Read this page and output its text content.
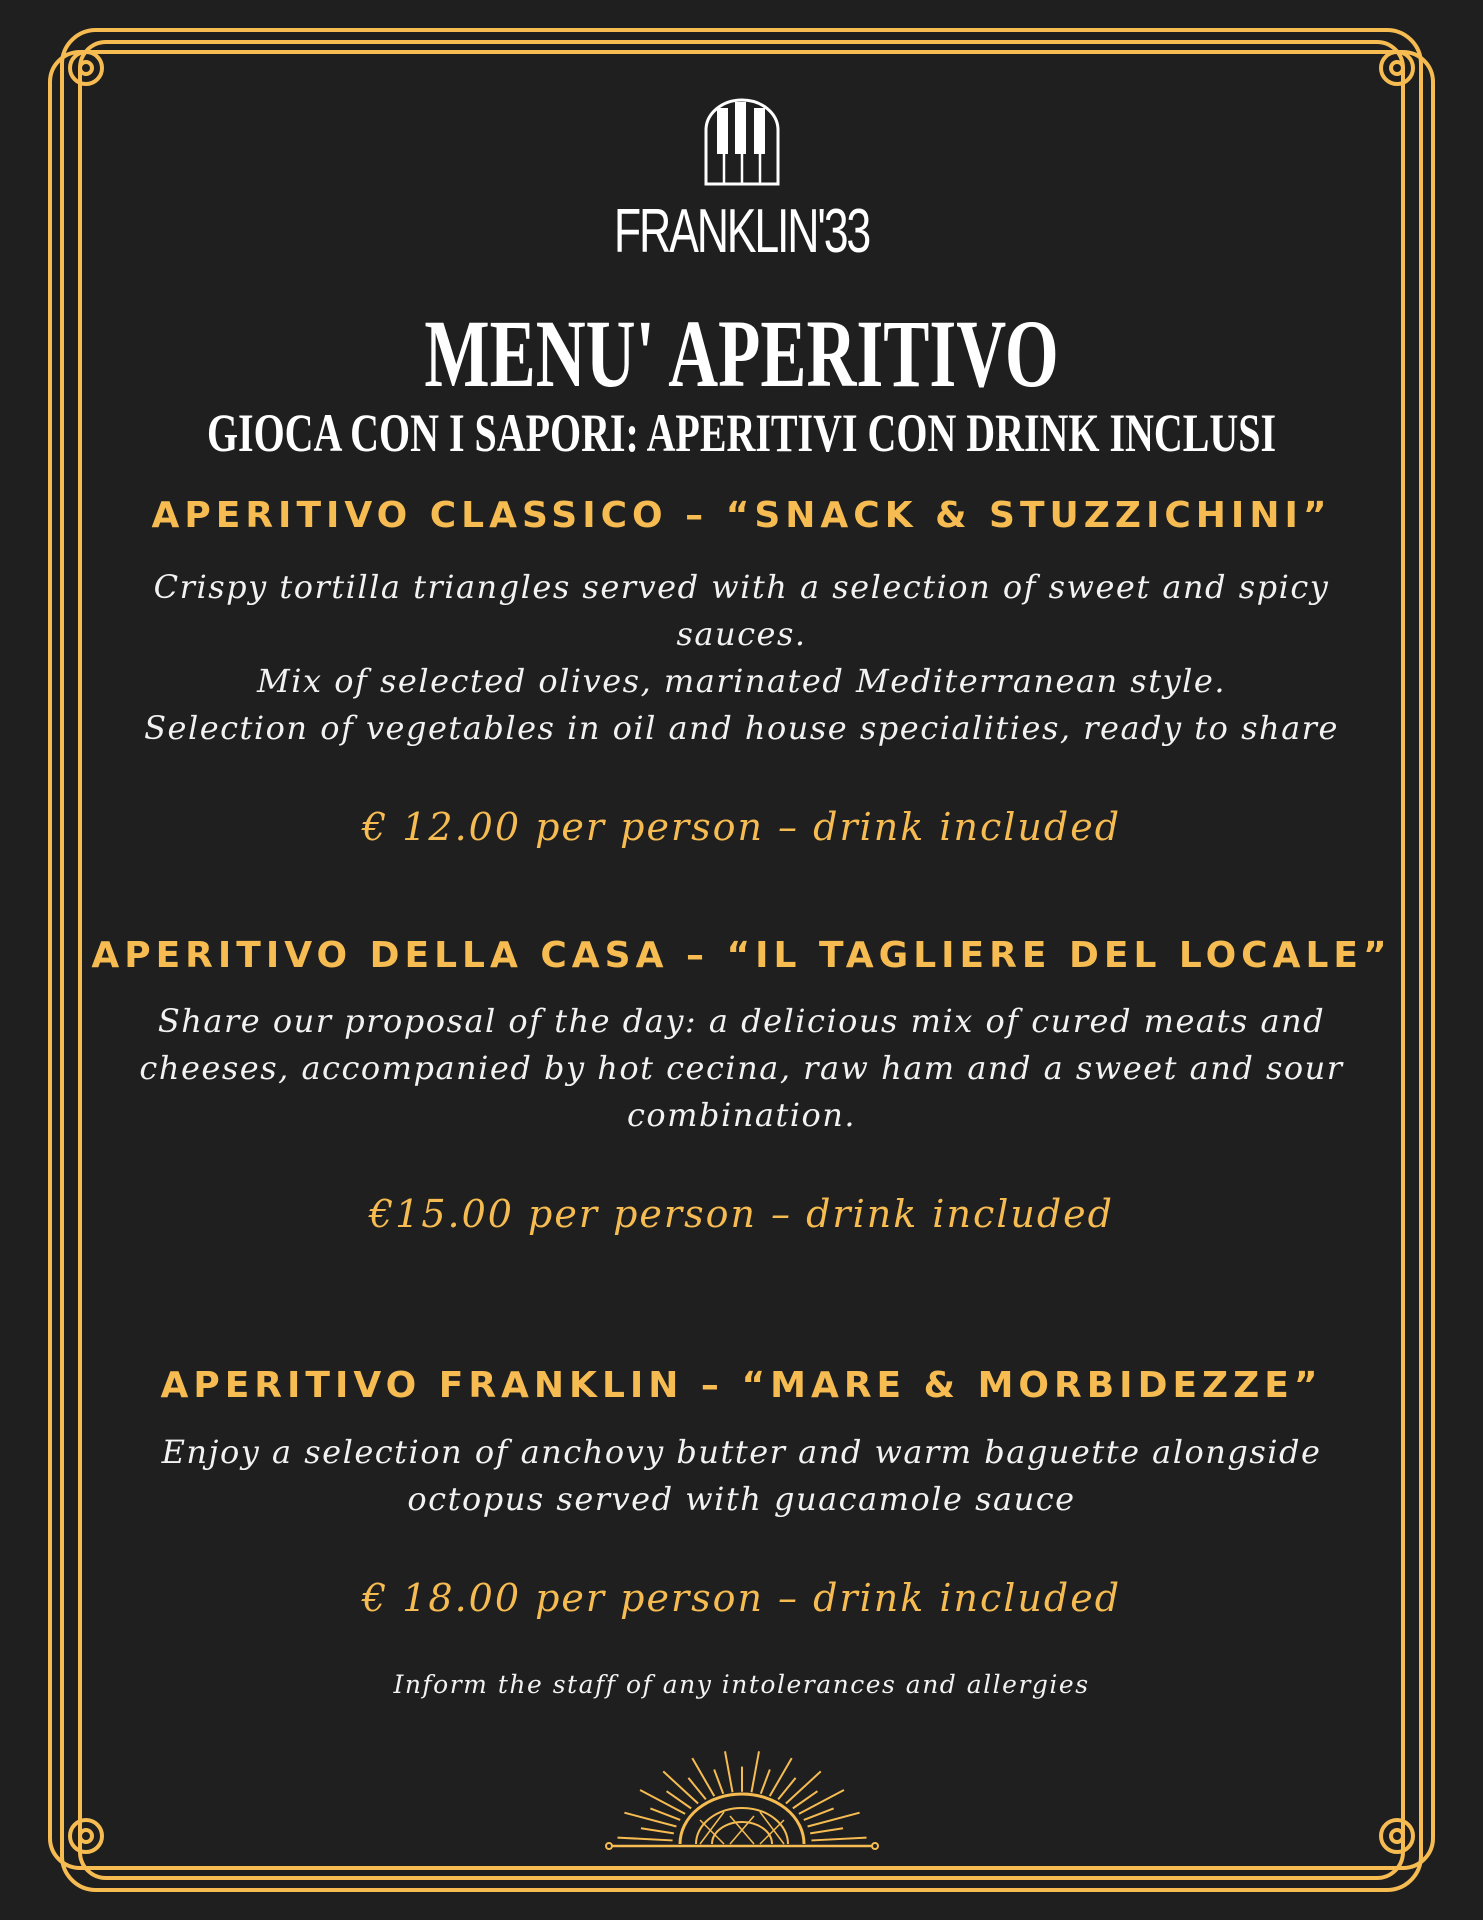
FRANKLIN'33
MENU' APERITIVO
GIOCA CON I SAPORI: APERITIVI CON DRINK INCLUSI
APERITIVO CLASSICO – “SNACK & STUZZICHINI”
Crispy tortilla triangles served with a selection of sweet and spicy
sauces.
Mix of selected olives, marinated Mediterranean style.
Selection of vegetables in oil and house specialities, ready to share
€ 12.00 per person – drink included
APERITIVO DELLA CASA – “IL TAGLIERE DEL LOCALE”
Share our proposal of the day: a delicious mix of cured meats and
cheeses, accompanied by hot cecina, raw ham and a sweet and sour
combination.
€15.00 per person – drink included
APERITIVO FRANKLIN – “MARE & MORBIDEZZE”
Enjoy a selection of anchovy butter and warm baguette alongside
octopus served with guacamole sauce
€ 18.00 per person – drink included
Inform the staff of any intolerances and allergies
